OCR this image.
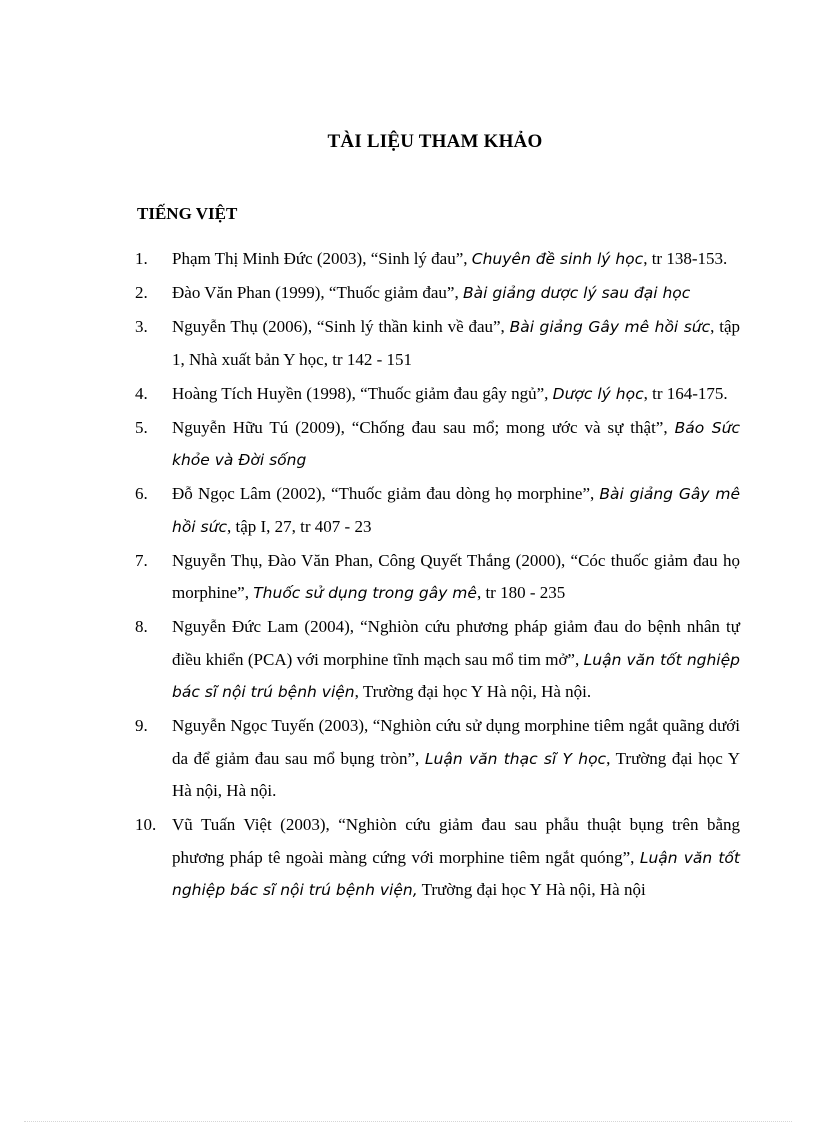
TÀI LIỆU THAM KHẢO
TIẾNG VIỆT
1. Phạm Thị Minh Đức (2003), “Sinh lý đau”, Chuyên đề sinh lý học, tr 138-153.
2. Đào Văn Phan (1999), “Thuốc giảm đau”, Bài giảng dược lý sau đại học
3. Nguyễn Thụ (2006), “Sinh lý thần kinh về đau”, Bài giảng Gây mê hồi sức, tập 1, Nhà xuất bản Y học, tr 142 - 151
4. Hoàng Tích Huyền (1998), “Thuốc giảm đau gây ngủ”, Dược lý học, tr 164-175.
5. Nguyễn Hữu Tú (2009), “Chống đau sau mổ; mong ước và sự thật”, Báo Sức khỏe và Đời sống
6. Đỗ Ngọc Lâm (2002), “Thuốc giảm đau dòng họ morphine”, Bài giảng Gây mê hồi sức, tập I, 27, tr 407 - 23
7. Nguyễn Thụ, Đào Văn Phan, Công Quyết Thắng (2000), “Cóc thuốc giảm đau họ morphine”, Thuốc sử dụng trong gây mê, tr 180 - 235
8. Nguyễn Đức Lam (2004), “Nghiòn cứu phương pháp giảm đau do bệnh nhân tự điều khiển (PCA) với morphine tĩnh mạch sau mổ tim mở”, Luận văn tốt nghiệp bác sĩ nội trú bệnh viện, Trường đại học Y Hà nội, Hà nội.
9. Nguyễn Ngọc Tuyến (2003), “Nghiòn cứu sử dụng morphine tiêm ngắt quãng dưới da để giảm đau sau mổ bụng tròn”, Luận văn thạc sĩ Y học, Trường đại học Y Hà nội, Hà nội.
10. Vũ Tuấn Việt (2003), “Nghiòn cứu giảm đau sau phẫu thuật bụng trên bằng phương pháp tê ngoài màng cứng với morphine tiêm ngắt quóng”, Luận văn tốt nghiệp bác sĩ nội trú bệnh viện, Trường đại học Y Hà nội, Hà nội
